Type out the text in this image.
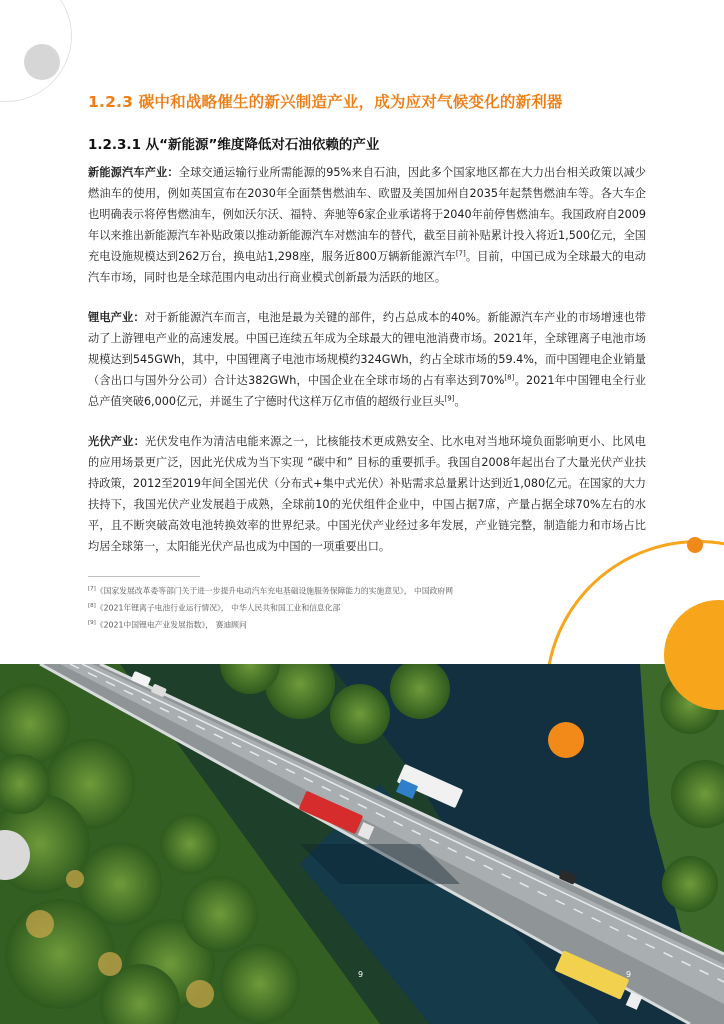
1.2.3 碳中和战略催生的新兴制造产业，成为应对气候变化的新利器
1.2.3.1 从“新能源”维度降低对石油依赖的产业
新能源汽车产业：全球交通运输行业所需能源的95%来自石油，因此多个国家地区都在大力出台相关政策以减少燃油车的使用，例如英国宣布在2030年全面禁售燃油车、欧盟及美国加州自2035年起禁售燃油车等。各大车企也明确表示将停售燃油车，例如沃尔沃、福特、奔驰等6家企业承诺将于2040年前停售燃油车。我国政府自2009年以来推出新能源汽车补贴政策以推动新能源汽车对燃油车的替代，截至目前补贴累计投入将近1,500亿元，全国充电设施规模达到262万台，换电站1,298座，服务近800万辆新能源汽车[7]。目前，中国已成为全球最大的电动汽车市场，同时也是全球范围内电动出行商业模式创新最为活跃的地区。
锂电产业：对于新能源汽车而言，电池是最为关键的部件，约占总成本的40%。新能源汽车产业的市场增速也带动了上游锂电产业的高速发展。中国已连续五年成为全球最大的锂电池消费市场。2021年，全球锂离子电池市场规模达到545GWh，其中，中国锂离子电池市场规模约324GWh，约占全球市场的59.4%，而中国锂电企业销量（含出口与国外分公司）合计达382GWh，中国企业在全球市场的占有率达到70%[8]。2021年中国锂电全行业总产值突破6,000亿元，并诞生了宁德时代这样万亿市值的超级行业巨头[9]。
光伏产业：光伏发电作为清洁电能来源之一，比核能技术更成熟安全、比水电对当地环境负面影响更小、比风电的应用场景更广泛，因此光伏成为当下实现 “碳中和” 目标的重要抓手。我国自2008年起出台了大量光伏产业扶持政策，2012至2019年间全国光伏（分布式+集中式光伏）补贴需求总量累计达到近1,080亿元。在国家的大力扶持下，我国光伏产业发展趋于成熟，全球前10的光伏组件企业中，中国占据7席，产量占据全球70%左右的水平，且不断突破高效电池转换效率的世界纪录。中国光伏产业经过多年发展，产业链完整，制造能力和市场占比均居全球第一，太阳能光伏产品也成为中国的一项重要出口。
[7]《国家发展改革委等部门关于进一步提升电动汽车充电基础设施服务保障能力的实施意见》， 中国政府网
[8]《2021年锂离子电池行业运行情况》， 中华人民共和国工业和信息化部
[9]《2021中国锂电产业发展指数》， 赛迪顾问
9	9
